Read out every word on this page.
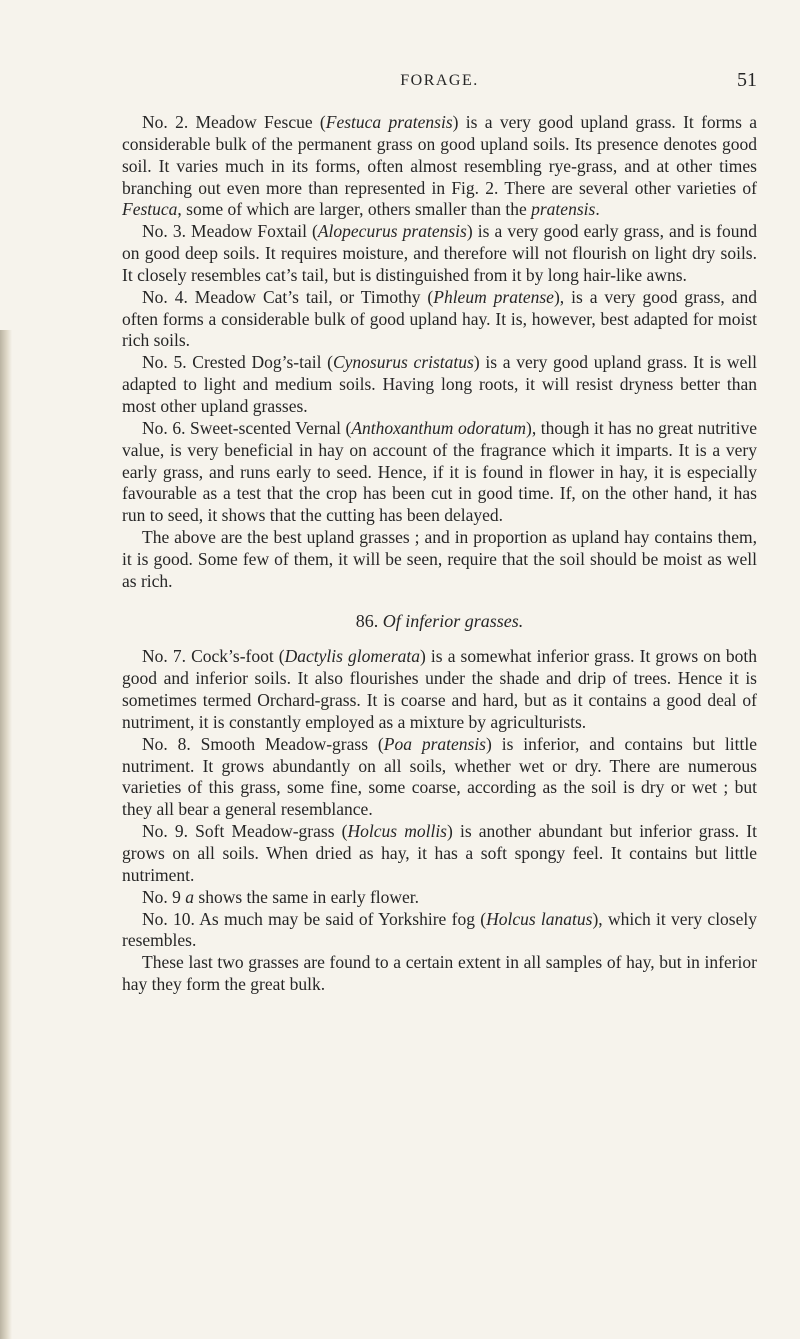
FORAGE.	51

No. 2. Meadow Fescue (Festuca pratensis) is a very good upland grass. It forms a considerable bulk of the permanent grass on good upland soils. Its presence denotes good soil. It varies much in its forms, often almost resembling rye-grass, and at other times branching out even more than represented in Fig. 2. There are several other varieties of Festuca, some of which are larger, others smaller than the pratensis.

No. 3. Meadow Foxtail (Alopecurus pratensis) is a very good early grass, and is found on good deep soils. It requires moisture, and therefore will not flourish on light dry soils. It closely resembles cat’s tail, but is distinguished from it by long hair-like awns.

No. 4. Meadow Cat’s tail, or Timothy (Phleum pratense), is a very good grass, and often forms a considerable bulk of good upland hay. It is, however, best adapted for moist rich soils.

No. 5. Crested Dog’s-tail (Cynosurus cristatus) is a very good upland grass. It is well adapted to light and medium soils. Having long roots, it will resist dryness better than most other upland grasses.

No. 6. Sweet-scented Vernal (Anthoxanthum odoratum), though it has no great nutritive value, is very beneficial in hay on account of the fragrance which it imparts. It is a very early grass, and runs early to seed. Hence, if it is found in flower in hay, it is especially favourable as a test that the crop has been cut in good time. If, on the other hand, it has run to seed, it shows that the cutting has been delayed.

The above are the best upland grasses ; and in proportion as upland hay contains them, it is good. Some few of them, it will be seen, require that the soil should be moist as well as rich.

86. Of inferior grasses.

No. 7. Cock’s-foot (Dactylis glomerata) is a somewhat inferior grass. It grows on both good and inferior soils. It also flourishes under the shade and drip of trees. Hence it is sometimes termed Orchard-grass. It is coarse and hard, but as it contains a good deal of nutriment, it is constantly employed as a mixture by agriculturists.

No. 8. Smooth Meadow-grass (Poa pratensis) is inferior, and contains but little nutriment. It grows abundantly on all soils, whether wet or dry. There are numerous varieties of this grass, some fine, some coarse, according as the soil is dry or wet ; but they all bear a general resemblance.

No. 9. Soft Meadow-grass (Holcus mollis) is another abundant but inferior grass. It grows on all soils. When dried as hay, it has a soft spongy feel. It contains but little nutriment.

No. 9 a shows the same in early flower.

No. 10. As much may be said of Yorkshire fog (Holcus lanatus), which it very closely resembles.

These last two grasses are found to a certain extent in all samples of hay, but in inferior hay they form the great bulk.
